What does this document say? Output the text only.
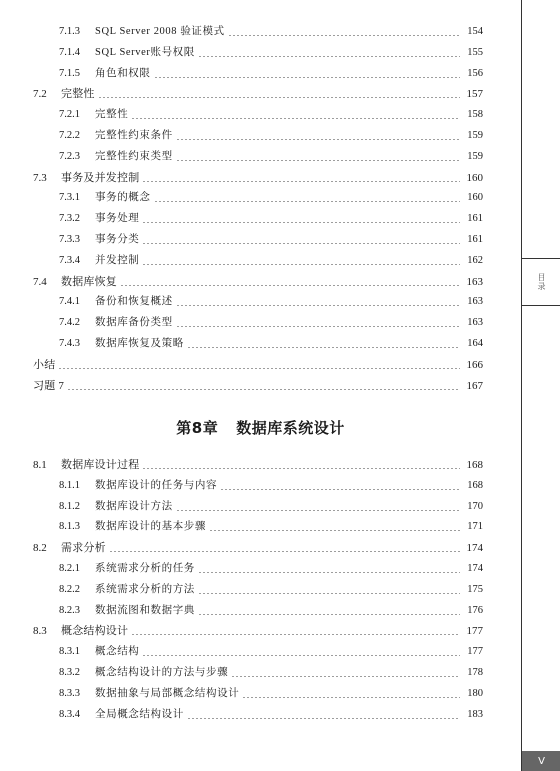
7.1.3	SQL Server 2008 验证模式	154
7.1.4	SQL Server账号权限	155
7.1.5	角色和权限	156
7.2	完整性	157
7.2.1	完整性	158
7.2.2	完整性约束条件	159
7.2.3	完整性约束类型	159
7.3	事务及并发控制	160
7.3.1	事务的概念	160
7.3.2	事务处理	161
7.3.3	事务分类	161
7.3.4	并发控制	162
7.4	数据库恢复	163
7.4.1	备份和恢复概述	163
7.4.2	数据库备份类型	163
7.4.3	数据库恢复及策略	164
小结	166
习题 7	167
第8章 数据库系统设计
8.1	数据库设计过程	168
8.1.1	数据库设计的任务与内容	168
8.1.2	数据库设计方法	170
8.1.3	数据库设计的基本步骤	171
8.2	需求分析	174
8.2.1	系统需求分析的任务	174
8.2.2	系统需求分析的方法	175
8.2.3	数据流图和数据字典	176
8.3	概念结构设计	177
8.3.1	概念结构	177
8.3.2	概念结构设计的方法与步骤	178
8.3.3	数据抽象与局部概念结构设计	180
8.3.4	全局概念结构设计	183
目录
V
